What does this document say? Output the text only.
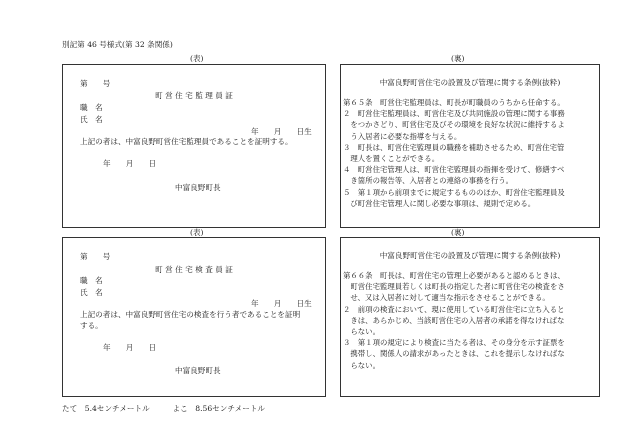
別記第 46 号様式(第 32 条関係)
(表)	(裏)
第　　号
町 営 住 宅 監 理 員 証
職　名
氏　名
年　　月　　日生
上記の者は、中富良野町営住宅監理員であることを証明する。
年　　月　　日
中富良野町長
中富良野町営住宅の設置及び管理に関する条例(抜粋)
第６５条　町営住宅監理員は、町長が町職員のうちから任命する。
２　町営住宅監理員は、町営住宅及び共同施設の管理に関する事務
　をつかさどり、町営住宅及びその環境を良好な状況に維持するよ
　う入居者に必要な指導を与える。
３　町長は、町営住宅監理員の職務を補助させるため、町営住宅管
　理人を置くことができる。
４　町営住宅管理人は、町営住宅監理員の指揮を受けて、修繕すべ
　き箇所の報告等、入居者との連絡の事務を行う。
５　第１項から前項までに規定するもののほか、町営住宅監理員及
　び町営住宅管理人に関し必要な事項は、規則で定める。
(表)	(裏)
第　　号
町 営 住 宅 検 査 員 証
職　名
氏　名
年　　月　　日生
上記の者は、中富良野町営住宅の検査を行う者であることを証明
する。
年　　月　　日
中富良野町長
中富良野町営住宅の設置及び管理に関する条例(抜粋)
第６６条　町長は、町営住宅の管理上必要があると認めるときは、
　町営住宅監理員若しくは町長の指定した者に町営住宅の検査をさ
　せ、又は入居者に対して適当な指示をさせることができる。
２　前項の検査において、現に使用している町営住宅に立ち入ると
　きは、あらかじめ、当該町営住宅の入居者の承諾を得なければな
　らない。
３　第１項の規定により検査に当たる者は、その身分を示す証票を
　携帯し、関係人の請求があったときは、これを提示しなければな
　らない。
たて　5.4センチメートル　　　よこ　8.56センチメートル
